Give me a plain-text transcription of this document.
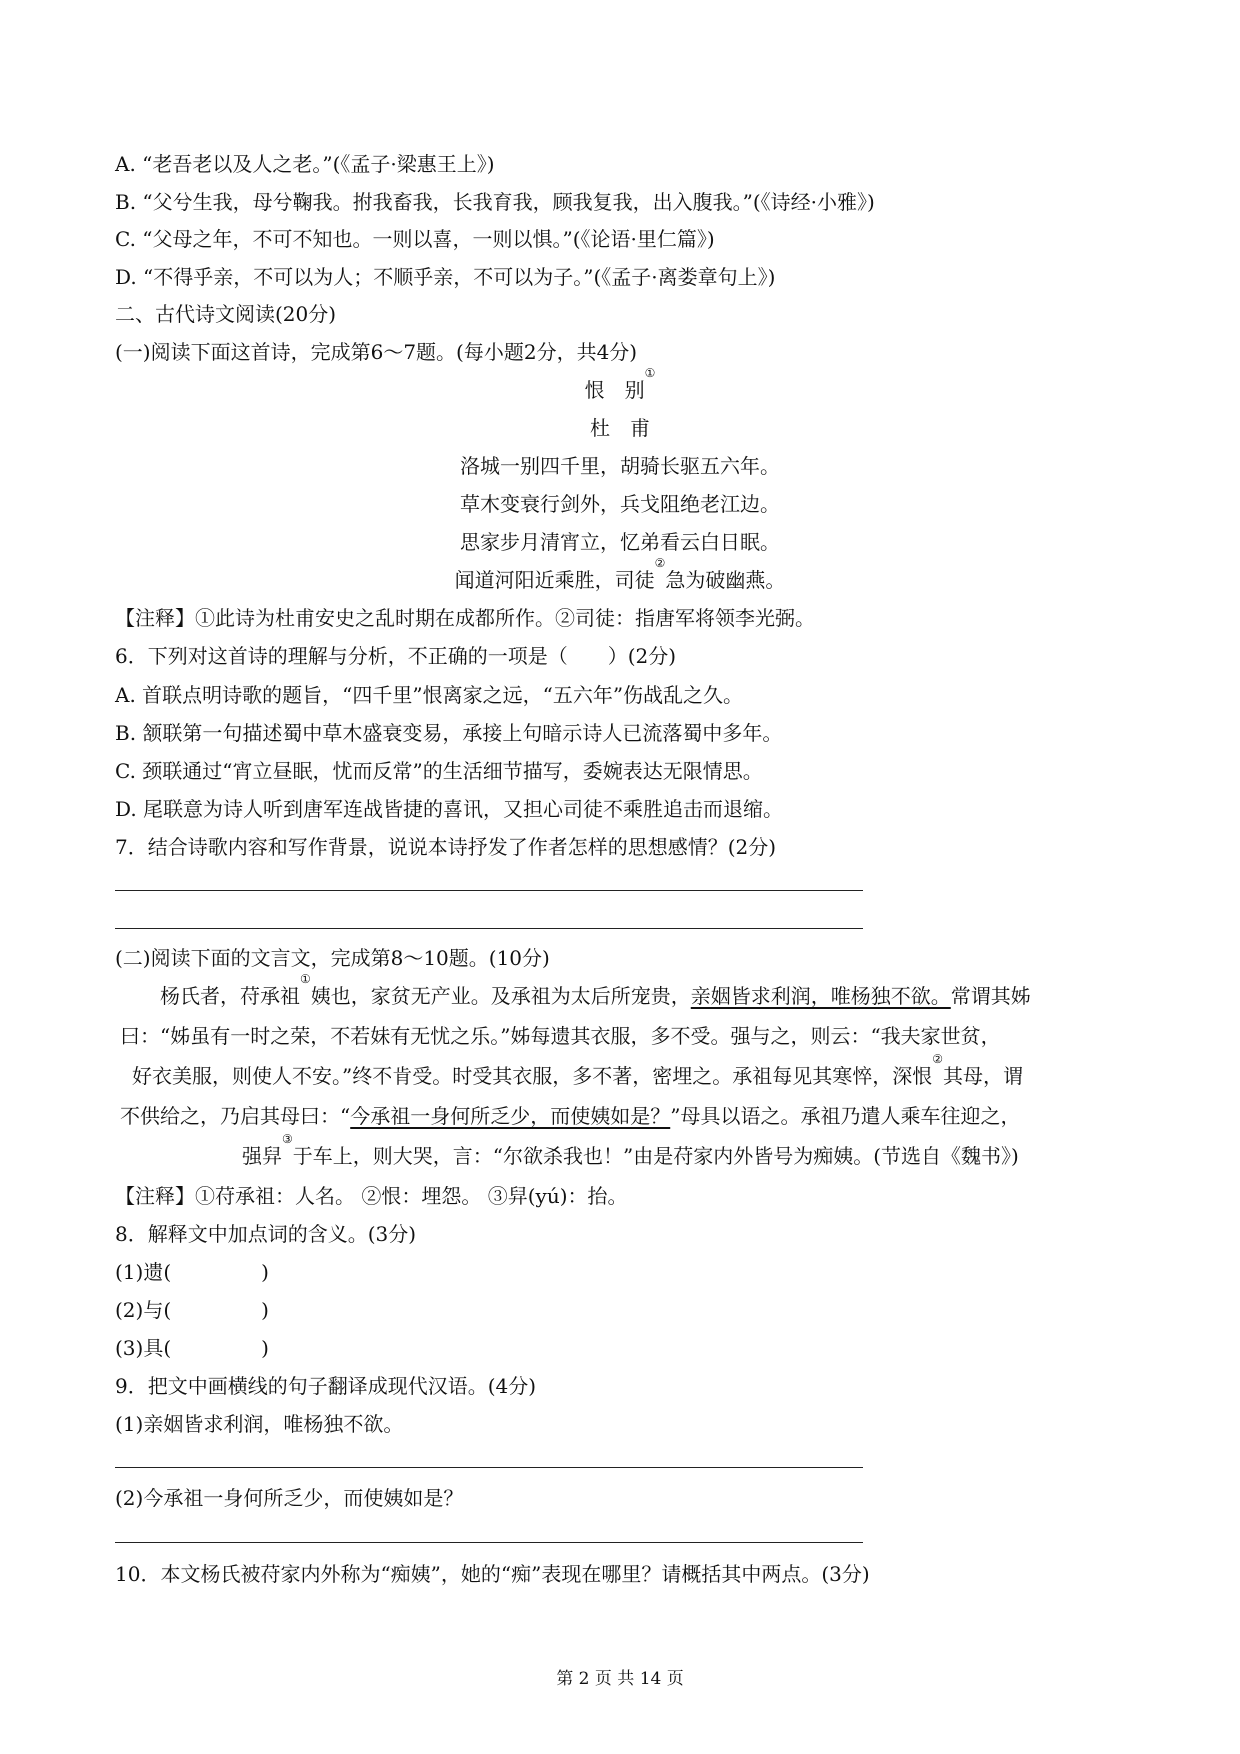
A. “老吾老以及人之老。”(《孟子·梁惠王上》)
B. “父兮生我，母兮鞠我。拊我畜我，长我育我，顾我复我，出入腹我。”(《诗经·小雅》)
C. “父母之年，不可不知也。一则以喜，一则以惧。”(《论语·里仁篇》)
D. “不得乎亲，不可以为人；不顺乎亲，不可以为子。”(《孟子·离娄章句上》)
二、古代诗文阅读(20分)
(一)阅读下面这首诗，完成第6～7题。(每小题2分，共4分)
恨　别①
杜　甫
洛城一别四千里，胡骑长驱五六年。
草木变衰行剑外，兵戈阻绝老江边。
思家步月清宵立，忆弟看云白日眠。
闻道河阳近乘胜，司徒②急为破幽燕。
【注释】①此诗为杜甫安史之乱时期在成都所作。②司徒：指唐军将领李光弼。
6．下列对这首诗的理解与分析，不正确的一项是（　　）(2分)
A. 首联点明诗歌的题旨，“四千里”恨离家之远，“五六年”伤战乱之久。
B. 颔联第一句描述蜀中草木盛衰变易，承接上句暗示诗人已流落蜀中多年。
C. 颈联通过“宵立昼眠，忧而反常”的生活细节描写，委婉表达无限情思。
D. 尾联意为诗人听到唐军连战皆捷的喜讯，又担心司徒不乘胜追击而退缩。
7．结合诗歌内容和写作背景，说说本诗抒发了作者怎样的思想感情？(2分)
(二)阅读下面的文言文，完成第8～10题。(10分)
杨氏者，苻承祖①姨也，家贫无产业。及承祖为太后所宠贵，亲姻皆求利润，唯杨独不欲。常谓其姊
曰：“姊虽有一时之荣，不若妹有无忧之乐。”姊每遗其衣服，多不受。强与之，则云：“我夫家世贫，
好衣美服，则使人不安。”终不肯受。时受其衣服，多不著，密埋之。承祖每见其寒悴，深恨②其母，谓
不供给之，乃启其母曰：“今承祖一身何所乏少，而使姨如是？”母具以语之。承祖乃遣人乘车往迎之，
强舁③于车上，则大哭，言：“尔欲杀我也！”由是苻家内外皆号为痴姨。(节选自《魏书》)
【注释】①苻承祖：人名。 ②恨：埋怨。 ③舁(yú)：抬。
8．解释文中加点词的含义。(3分)
(1)遗(	)
(2)与(	)
(3)具(	)
9．把文中画横线的句子翻译成现代汉语。(4分)
(1)亲姻皆求利润，唯杨独不欲。
(2)今承祖一身何所乏少，而使姨如是？
10．本文杨氏被苻家内外称为“痴姨”，她的“痴”表现在哪里？请概括其中两点。(3分)
第 2 页 共 14 页
